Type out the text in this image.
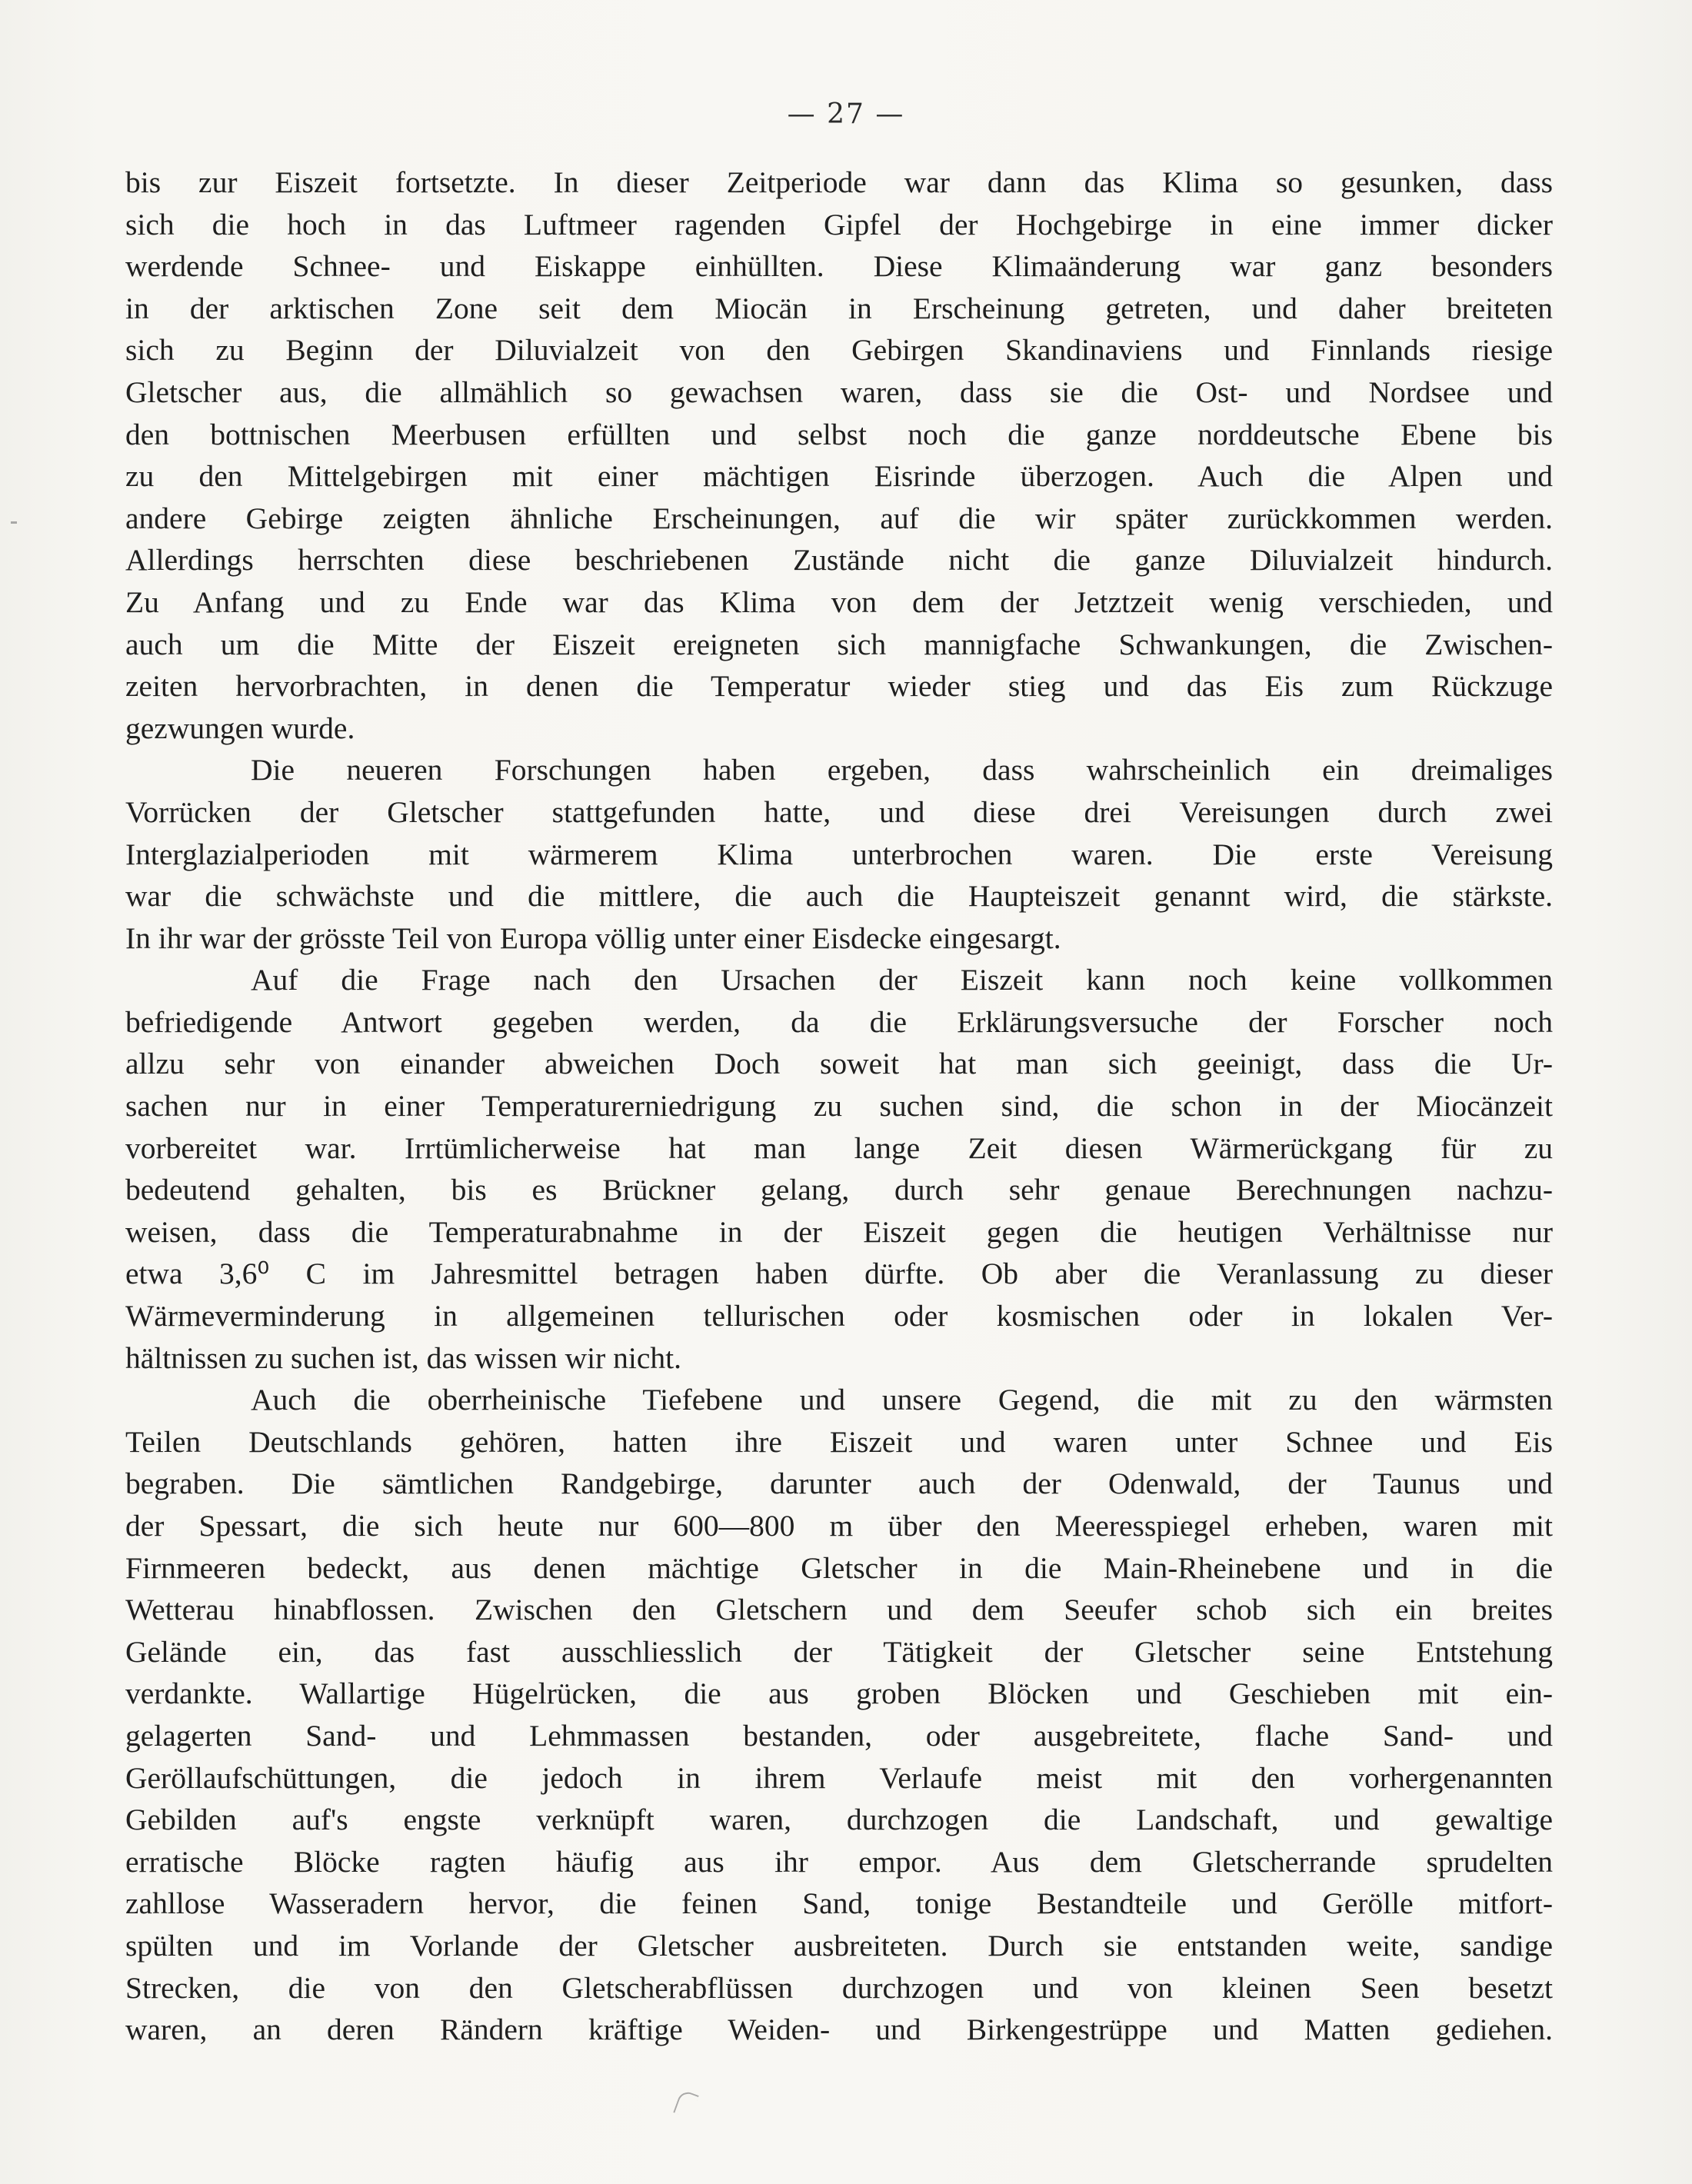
— 27 —
bis zur Eiszeit fortsetzte. In dieser Zeitperiode war dann das Klima so gesunken, dass
sich die hoch in das Luftmeer ragenden Gipfel der Hochgebirge in eine immer dicker
werdende Schnee- und Eiskappe einhüllten. Diese Klimaänderung war ganz besonders
in der arktischen Zone seit dem Miocän in Erscheinung getreten, und daher breiteten
sich zu Beginn der Diluvialzeit von den Gebirgen Skandinaviens und Finnlands riesige
Gletscher aus, die allmählich so gewachsen waren, dass sie die Ost- und Nordsee und
den bottnischen Meerbusen erfüllten und selbst noch die ganze norddeutsche Ebene bis
zu den Mittelgebirgen mit einer mächtigen Eisrinde überzogen. Auch die Alpen und
andere Gebirge zeigten ähnliche Erscheinungen, auf die wir später zurückkommen werden.
Allerdings herrschten diese beschriebenen Zustände nicht die ganze Diluvialzeit hindurch.
Zu Anfang und zu Ende war das Klima von dem der Jetztzeit wenig verschieden, und
auch um die Mitte der Eiszeit ereigneten sich mannigfache Schwankungen, die Zwischen-
zeiten hervorbrachten, in denen die Temperatur wieder stieg und das Eis zum Rückzuge
gezwungen wurde.
Die neueren Forschungen haben ergeben, dass wahrscheinlich ein dreimaliges
Vorrücken der Gletscher stattgefunden hatte, und diese drei Vereisungen durch zwei
Interglazialperioden mit wärmerem Klima unterbrochen waren. Die erste Vereisung
war die schwächste und die mittlere, die auch die Haupteiszeit genannt wird, die stärkste.
In ihr war der grösste Teil von Europa völlig unter einer Eisdecke eingesargt.
Auf die Frage nach den Ursachen der Eiszeit kann noch keine vollkommen
befriedigende Antwort gegeben werden, da die Erklärungsversuche der Forscher noch
allzu sehr von einander abweichen Doch soweit hat man sich geeinigt, dass die Ur-
sachen nur in einer Temperaturerniedrigung zu suchen sind, die schon in der Miocänzeit
vorbereitet war. Irrtümlicherweise hat man lange Zeit diesen Wärmerückgang für zu
bedeutend gehalten, bis es Brückner gelang, durch sehr genaue Berechnungen nachzu-
weisen, dass die Temperaturabnahme in der Eiszeit gegen die heutigen Verhältnisse nur
etwa 3,6⁰ C im Jahresmittel betragen haben dürfte. Ob aber die Veranlassung zu dieser
Wärmeverminderung in allgemeinen tellurischen oder kosmischen oder in lokalen Ver-
hältnissen zu suchen ist, das wissen wir nicht.
Auch die oberrheinische Tiefebene und unsere Gegend, die mit zu den wärmsten
Teilen Deutschlands gehören, hatten ihre Eiszeit und waren unter Schnee und Eis
begraben. Die sämtlichen Randgebirge, darunter auch der Odenwald, der Taunus und
der Spessart, die sich heute nur 600—800 m über den Meeresspiegel erheben, waren mit
Firnmeeren bedeckt, aus denen mächtige Gletscher in die Main-Rheinebene und in die
Wetterau hinabflossen. Zwischen den Gletschern und dem Seeufer schob sich ein breites
Gelände ein, das fast ausschliesslich der Tätigkeit der Gletscher seine Entstehung
verdankte. Wallartige Hügelrücken, die aus groben Blöcken und Geschieben mit ein-
gelagerten Sand- und Lehmmassen bestanden, oder ausgebreitete, flache Sand- und
Geröllaufschüttungen, die jedoch in ihrem Verlaufe meist mit den vorhergenannten
Gebilden auf's engste verknüpft waren, durchzogen die Landschaft, und gewaltige
erratische Blöcke ragten häufig aus ihr empor. Aus dem Gletscherrande sprudelten
zahllose Wasseradern hervor, die feinen Sand, tonige Bestandteile und Gerölle mitfort-
spülten und im Vorlande der Gletscher ausbreiteten. Durch sie entstanden weite, sandige
Strecken, die von den Gletscherabflüssen durchzogen und von kleinen Seen besetzt
waren, an deren Rändern kräftige Weiden- und Birkengestrüppe und Matten gediehen.
